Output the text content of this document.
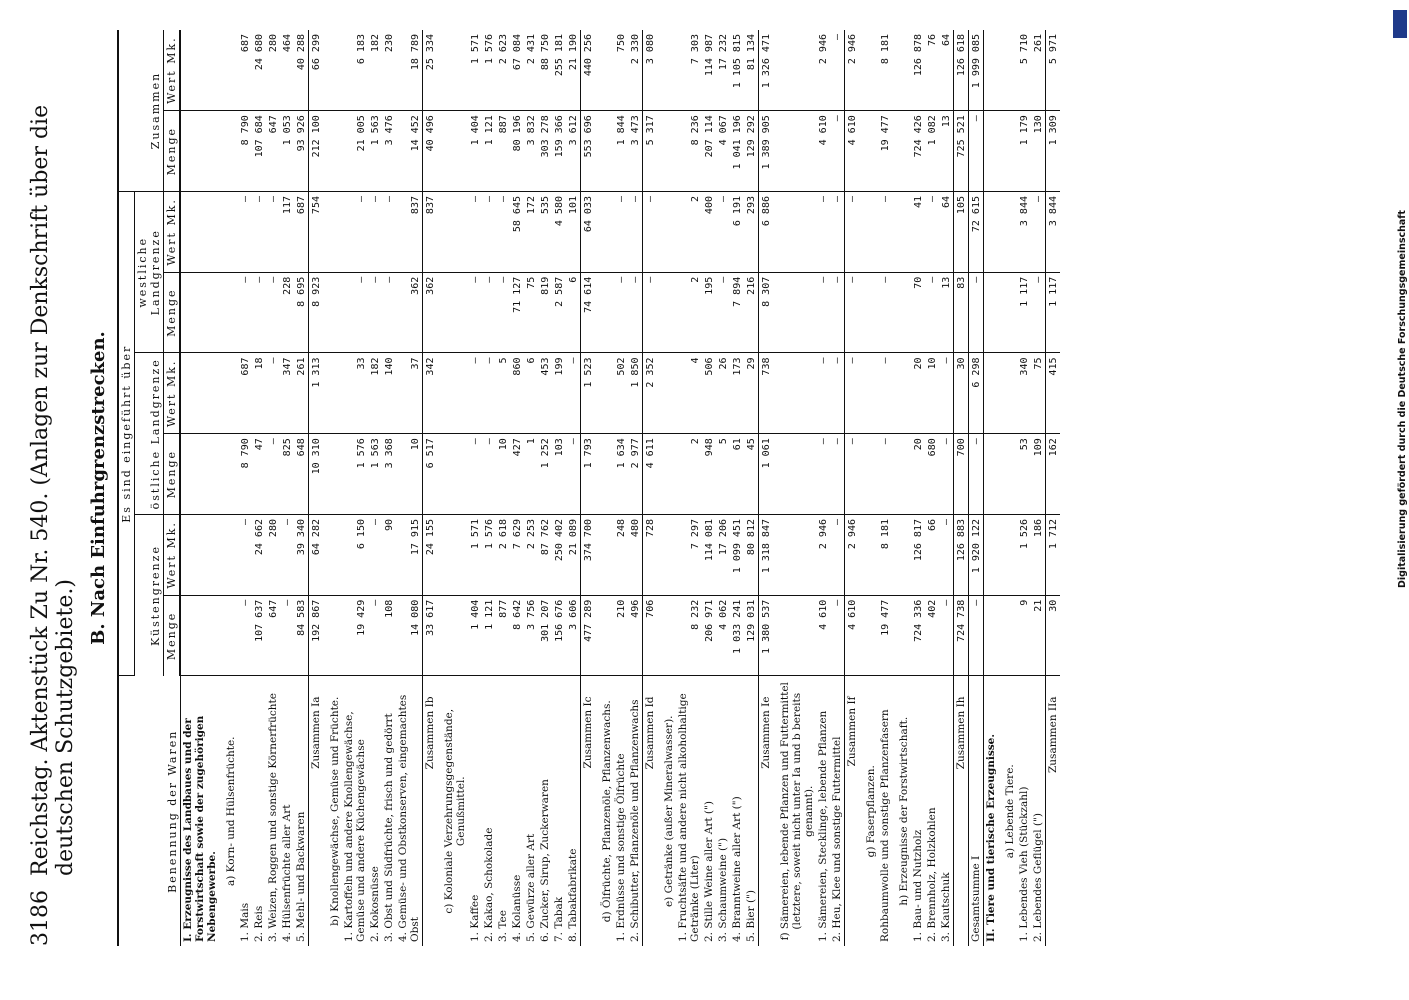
3186
Reichstag. Aktenstück Zu Nr. 540. (Anlagen zur Denkschrift über die deutschen Schutzgebiete.)
B. Nach Einfuhrgrenzstrecken.
Benennung der Waren	Es sind eingeführt über						Zusammen	
	Küstengrenze		östliche Landgrenze		westliche Landgrenze			
	Menge	Wert Mk.	Menge	Wert Mk.	Menge	Wert Mk.	Menge	Wert Mk.
I. Erzeugnisse des Landbaues und der Forstwirtschaft sowie der zugehörigen Nebengewerbe.								
a) Korn- und Hülsenfrüchte.								
1. Mais	—	—	8 790	687	—	—	8 790	687
2. Reis	107 637	24 662	47	18	—	—	107 684	24 680
3. Weizen, Roggen und sonstige Körnerfrüchte	647	280	—	—	—	—	647	280
4. Hülsenfrüchte aller Art	—	—	825	347	228	117	1 053	464
5. Mehl- und Backwaren	84 583	39 340	648	261	8 695	687	93 926	40 288
Zusammen Ia	192 867	64 282	10 310	1 313	8 923	754	212 100	66 299
b) Knollengewächse, Gemüse und Früchte.								
1. Kartoffeln und andere Knollengewächse, Gemüse und andere Küchengewächse	19 429	6 150	1 576	33	—	—	21 005	6 183
2. Kokosnüsse	—	—	1 563	182	—	—	1 563	182
3. Obst und Südfrüchte, frisch und gedörrt	108	90	3 368	140	—	—	3 476	230
4. Gemüse- und Obstkonserven, eingemachtes Obst	14 080	17 915	10	37	362	837	14 452	18 789
Zusammen Ib	33 617	24 155	6 517	342	362	837	40 496	25 334
c) Koloniale Verzehrungsgegenstände, Genußmittel.								
1. Kaffee	1 404	1 571	—	—	—	—	1 404	1 571
2. Kakao, Schokolade	1 121	1 576	—	—	—	—	1 121	1 576
3. Tee	877	2 618	10	5	—	—	887	2 623
4. Kolanüsse	8 642	7 629	427	860	71 127	58 645	80 196	67 084
5. Gewürze aller Art	3 756	2 253	1	6	75	172	3 832	2 431
6. Zucker, Sirup, Zuckerwaren	301 207	87 762	1 252	453	819	535	303 278	88 750
7. Tabak	156 676	250 402	103	199	2 587	4 580	159 366	255 181
8. Tabakfabrikate	3 606	21 089	—	—	6	101	3 612	21 190
Zusammen Ic	477 289	374 700	1 793	1 523	74 614	64 033	553 696	440 256
d) Ölfrüchte, Pflanzenöle, Pflanzenwachs.								
1. Erdnüsse und sonstige Ölfrüchte	210	248	1 634	502	—	—	1 844	750
2. Schibutter, Pflanzenöle und Pflanzenwachs	496	480	2 977	1 850	—	—	3 473	2 330
Zusammen Id	706	728	4 611	2 352	—	—	5 317	3 080
e) Getränke (außer Mineralwasser).								
1. Fruchtsäfte und andere nicht alkoholhaltige Getränke (Liter)	8 232	7 297	2	4	2	2	8 236	7 303
2. Stille Weine aller Art (")	206 971	114 081	948	506	195	400	207 114	114 987
3. Schaumweine (")	4 062	17 206	5	26	—	—	4 067	17 232
4. Branntweine aller Art (")	1 033 241	1 099 451	61	173	7 894	6 191	1 041 196	1 105 815
5. Bier (")	129 031	80 812	45	29	216	293	129 292	81 134
Zusammen Ie	1 380 537	1 318 847	1 061	738	8 307	6 886	1 389 905	1 326 471
f) Sämereien, lebende Pflanzen und Futtermittel (letztere, soweit nicht unter Ia und b bereits genannt).								
1. Sämereien, Stecklinge, lebende Pflanzen	4 610	2 946	—	—	—	—	4 610	2 946
2. Heu, Klee und sonstige Futtermittel	—	—	—	—	—	—	—	—
Zusammen If	4 610	2 946	—	—	—	—	4 610	2 946
g) Faserpflanzen.								
Rohbaumwolle und sonstige Pflanzenfasern	19 477	8 181	—	—	—	—	19 477	8 181
h) Erzeugnisse der Forstwirtschaft.								
1. Bau- und Nutzholz	724 336	126 817	20	20	70	41	724 426	126 878
2. Brennholz, Holzkohlen	402	66	680	10	—	—	1 082	76
3. Kautschuk	—	—	—	—	13	64	13	64
Zusammen Ih	724 738	126 883	700	30	83	105	725 521	126 618
Gesamtsumme I	—	1 920 122	—	6 298	—	72 615	—	1 999 085
II. Tiere und tierische Erzeugnisse.								
a) Lebende Tiere.								
1. Lebendes Vieh (Stückzahl)	9	1 526	53	340	1 117	3 844	1 179	5 710
2. Lebendes Geflügel (")	21	186	109	75	—	—	130	261
Zusammen IIa	30	1 712	162	415	1 117	3 844	1 309	5 971
Digitalisierung gefördert durch die Deutsche Forschungsgemeinschaft
